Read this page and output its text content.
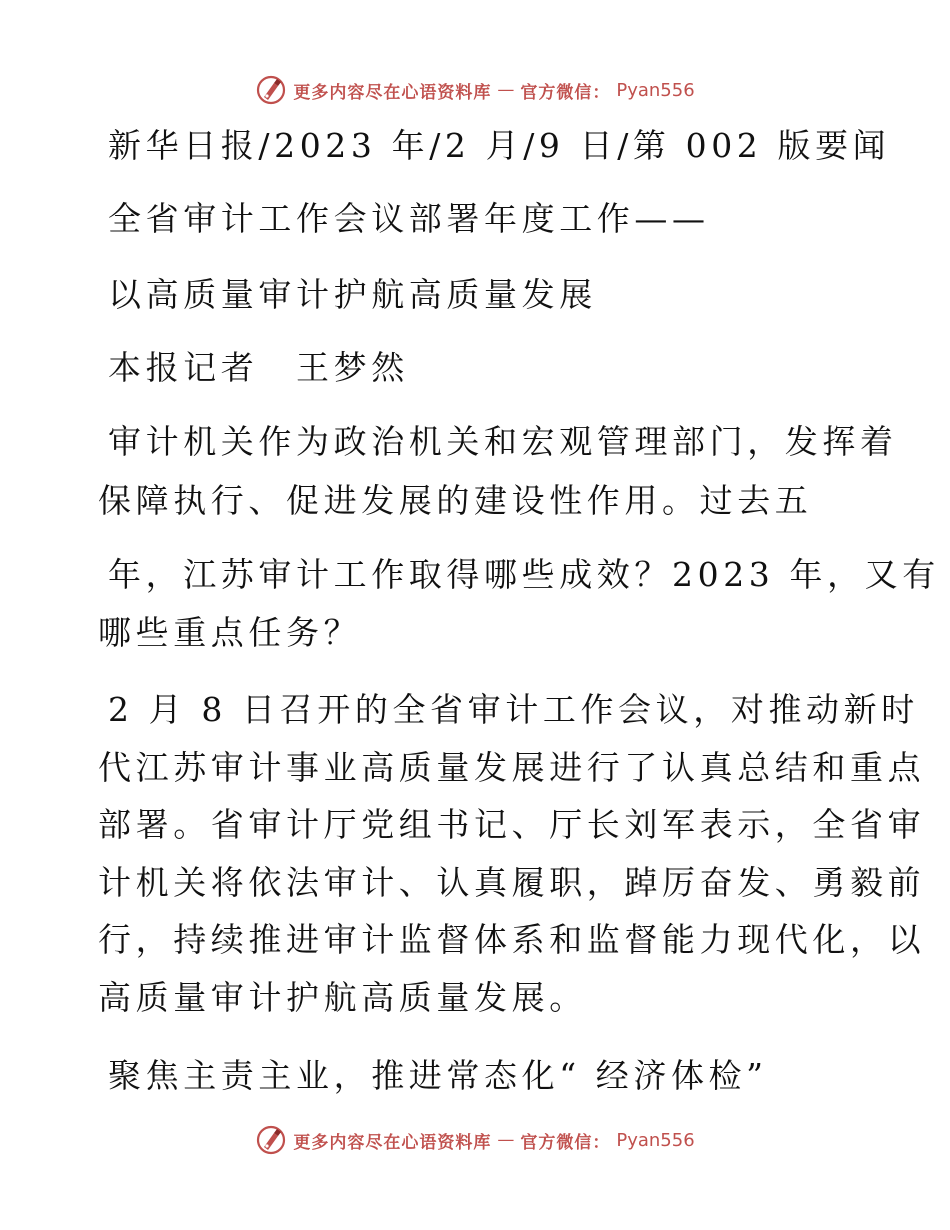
更多内容尽在心语资料库 — 官方微信： Pyan556
新华日报/2023 年/2 月/9 日/第 002 版要闻
全省审计工作会议部署年度工作——
以高质量审计护航高质量发展
本报记者　王梦然
审计机关作为政治机关和宏观管理部门，发挥着
保障执行、促进发展的建设性作用。过去五
年，江苏审计工作取得哪些成效？2023 年，又有
哪些重点任务？
2 月 8 日召开的全省审计工作会议，对推动新时
代江苏审计事业高质量发展进行了认真总结和重点
部署。省审计厅党组书记、厅长刘军表示，全省审
计机关将依法审计、认真履职，踔厉奋发、勇毅前
行，持续推进审计监督体系和监督能力现代化，以
高质量审计护航高质量发展。
聚焦主责主业，推进常态化“ 经济体检”
更多内容尽在心语资料库 — 官方微信： Pyan556
